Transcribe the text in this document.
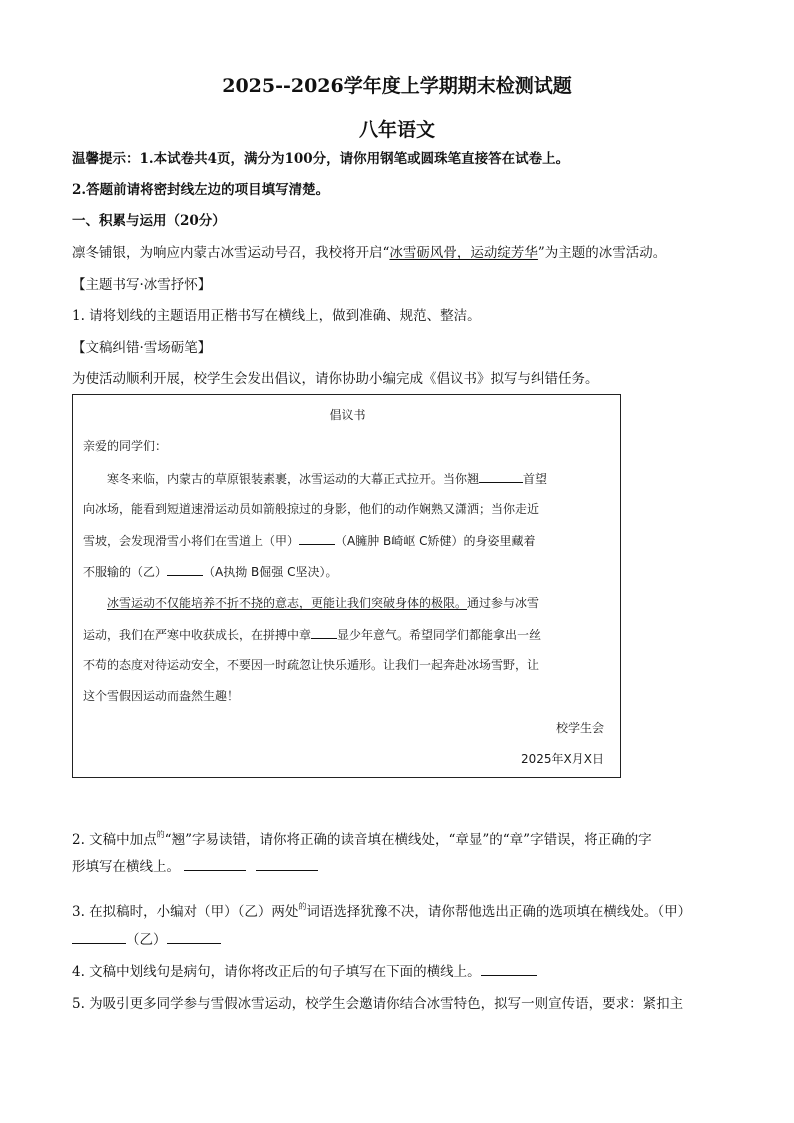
2025--2026学年度上学期期末检测试题
八年语文
温馨提示：1.本试卷共4页，满分为100分，请你用钢笔或圆珠笔直接答在试卷上。
2.答题前请将密封线左边的项目填写清楚。
一、积累与运用（20分）
凛冬铺银，为响应内蒙古冰雪运动号召，我校将开启“冰雪砺风骨，运动绽芳华”为主题的冰雪活动。
【主题书写·冰雪抒怀】
1. 请将划线的主题语用正楷书写在横线上，做到准确、规范、整洁。
【文稿纠错·雪场砺笔】
为使活动顺利开展，校学生会发出倡议，请你协助小编完成《倡议书》拟写与纠错任务。
倡议书
亲爱的同学们：
寒冬来临，内蒙古的草原银装素裹，冰雪运动的大幕正式拉开。当你翘	首望
向冰场，能看到短道速滑运动员如箭般掠过的身影，他们的动作娴熟又潇洒；当你走近
雪坡，会发现滑雪小将们在雪道上（甲）	（A臃肿 B崎岖 C矫健）的身姿里藏着
不服输的（乙）	（A执拗 B倔强 C坚决）。
冰雪运动不仅能培养不折不挠的意志，更能让我们突破身体的极限。通过参与冰雪
运动，我们在严寒中收获成长，在拼搏中章 显少年意气。希望同学们都能拿出一丝
不苟的态度对待运动安全，不要因一时疏忽让快乐遁形。让我们一起奔赴冰场雪野，让
这个雪假因运动而盎然生趣！
校学生会
2025年X月X日
2. 文稿中加点$^的$“翘”字易读错，请你将正确的读音填在横线处，“章显”的“章”字错误，将正确的字
形填写在横线上。
3. 在拟稿时，小编对（甲）（乙）两处$^的$词语选择犹豫不决，请你帮他选出正确的选项填在横线处。（甲）
（乙）
4. 文稿中划线句是病句，请你将改正后的句子填写在下面的横线上。
5. 为吸引更多同学参与雪假冰雪运动，校学生会邀请你结合冰雪特色，拟写一则宣传语，要求：紧扣主
